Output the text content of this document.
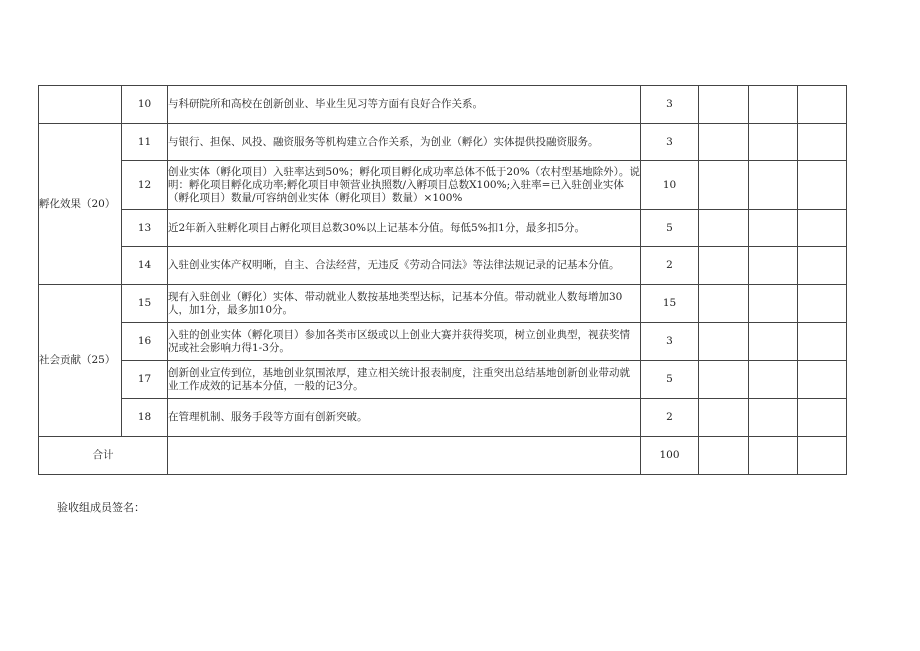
	10	与科研院所和高校在创新创业、毕业生见习等方面有良好合作关系。	3			
孵化效果（20）	11	与银行、担保、风投、融资服务等机构建立合作关系，为创业（孵化）实体提供投融资服务。	3			
	12	创业实体（孵化项目）入驻率达到50%；孵化项目孵化成功率总体不低于20%（农村型基地除外）。说明：孵化项目孵化成功率;孵化项目申领营业执照数/入孵项目总数X100%;入驻率=已入驻创业实体（孵化项目）数量/可容纳创业实体（孵化项目）数量）×100%	10			
	13	近2年新入驻孵化项目占孵化项目总数30%以上记基本分值。每低5%扣1分，最多扣5分。	5			
	14	入驻创业实体产权明晰，自主、合法经营，无违反《劳动合同法》等法律法规记录的记基本分值。	2			
社会贡献（25）	15	现有入驻创业（孵化）实体、带动就业人数按基地类型达标，记基本分值。带动就业人数每增加30人，加1分，最多加10分。	15			
	16	入驻的创业实体（孵化项目）参加各类市区级或以上创业大赛并获得奖项，树立创业典型，视获奖情况或社会影响力得1-3分。	3			
	17	创新创业宣传到位，基地创业氛围浓厚，建立相关统计报表制度，注重突出总结基地创新创业带动就业工作成效的记基本分值，一般的记3分。	5			
	18	在管理机制、服务手段等方面有创新突破。	2			
合计			100			
验收组成员签名：
